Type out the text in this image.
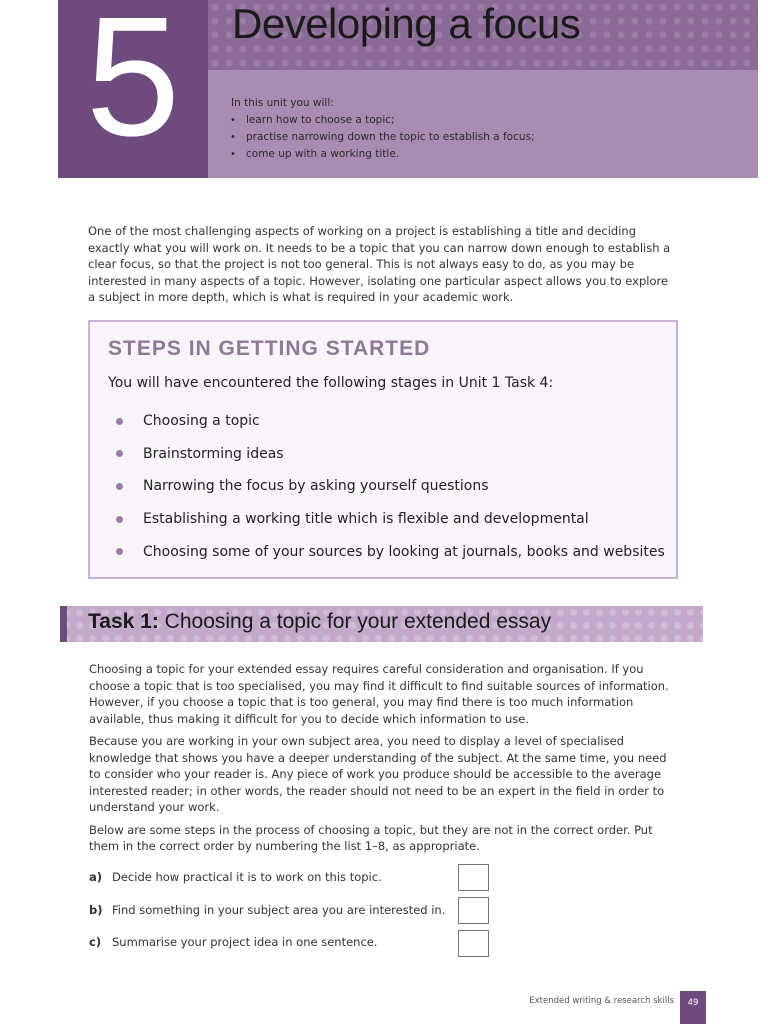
5	Developing a focus
In this unit you will:
• learn how to choose a topic;
• practise narrowing down the topic to establish a focus;
• come up with a working title.
One of the most challenging aspects of working on a project is establishing a title and deciding exactly what you will work on. It needs to be a topic that you can narrow down enough to establish a clear focus, so that the project is not too general. This is not always easy to do, as you may be interested in many aspects of a topic. However, isolating one particular aspect allows you to explore a subject in more depth, which is what is required in your academic work.
STEPS IN GETTING STARTED
You will have encountered the following stages in Unit 1 Task 4:
Choosing a topic
Brainstorming ideas
Narrowing the focus by asking yourself questions
Establishing a working title which is flexible and developmental
Choosing some of your sources by looking at journals, books and websites
Task 1: Choosing a topic for your extended essay

Choosing a topic for your extended essay requires careful consideration and organisation. If you choose a topic that is too specialised, you may find it difficult to find suitable sources of information. However, if you choose a topic that is too general, you may find there is too much information available, thus making it difficult for you to decide which information to use.

Because you are working in your own subject area, you need to display a level of specialised knowledge that shows you have a deeper understanding of the subject. At the same time, you need to consider who your reader is. Any piece of work you produce should be accessible to the average interested reader; in other words, the reader should not need to be an expert in the field in order to understand your work.

Below are some steps in the process of choosing a topic, but they are not in the correct order. Put them in the correct order by numbering the list 1–8, as appropriate.

a) Decide how practical it is to work on this topic.
b) Find something in your subject area you are interested in.
c) Summarise your project idea in one sentence.
Extended writing & research skills	49
